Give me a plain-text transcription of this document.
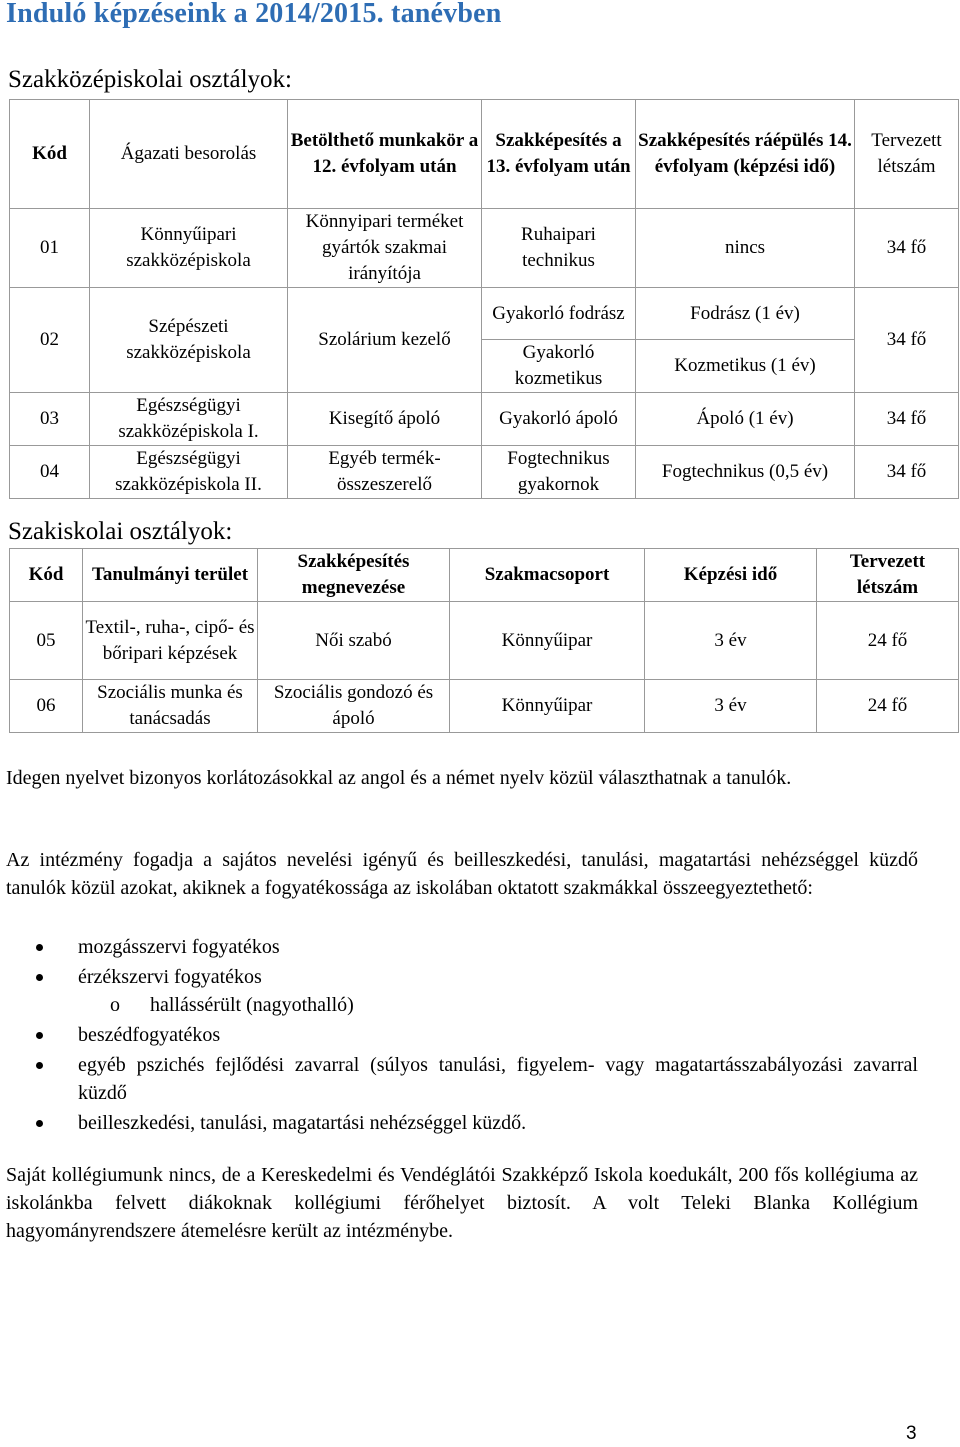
Induló képzéseink a 2014/2015. tanévben
Szakközépiskolai osztályok:
Kód	Ágazati besorolás	Betölthető munkakör a 12. évfolyam után	Szakképesítés a 13. évfolyam után	Szakképesítés ráépülés 14. évfolyam (képzési idő)	Tervezett létszám
01	Könnyűipari szakközépiskola	Könnyipari terméket gyártók szakmai irányítója	Ruhaipari technikus	nincs	34 fő
02	Szépészeti szakközépiskola	Szolárium kezelő	Gyakorló fodrász	Fodrász (1 év)	34 fő
			Gyakorló kozmetikus	Kozmetikus (1 év)	
03	Egészségügyi szakközépiskola I.	Kisegítő ápoló	Gyakorló ápoló	Ápoló (1 év)	34 fő
04	Egészségügyi szakközépiskola II.	Egyéb termék-összeszerelő	Fogtechnikus gyakornok	Fogtechnikus (0,5 év)	34 fő
Szakiskolai osztályok:
Kód	Tanulmányi terület	Szakképesítés megnevezése	Szakmacsoport	Képzési idő	Tervezett létszám
05	Textil-, ruha-, cipő- és bőripari képzések	Női szabó	Könnyűipar	3 év	24 fő
06	Szociális munka és tanácsadás	Szociális gondozó és ápoló	Könnyűipar	3 év	24 fő

Idegen nyelvet bizonyos korlátozásokkal az angol és a német nyelv közül választhatnak a tanulók.

Az intézmény fogadja a sajátos nevelési igényű és beilleszkedési, tanulási, magatartási nehézséggel küzdő tanulók közül azokat, akiknek a fogyatékossága az iskolában oktatott szakmákkal összeegyeztethető:

mozgásszervi fogyatékos
érzékszervi fogyatékos
o hallássérült (nagyothalló)
beszédfogyatékos
egyéb pszichés fejlődési zavarral (súlyos tanulási, figyelem- vagy magatartásszabályozási zavarral küzdő
beilleszkedési, tanulási, magatartási nehézséggel küzdő.

Saját kollégiumunk nincs, de a Kereskedelmi és Vendéglátói Szakképző Iskola koedukált, 200 fős kollégiuma az iskolánkba felvett diákoknak kollégiumi férőhelyet biztosít. A volt Teleki Blanka Kollégium hagyományrendszere átemelésre került az intézménybe.

3
